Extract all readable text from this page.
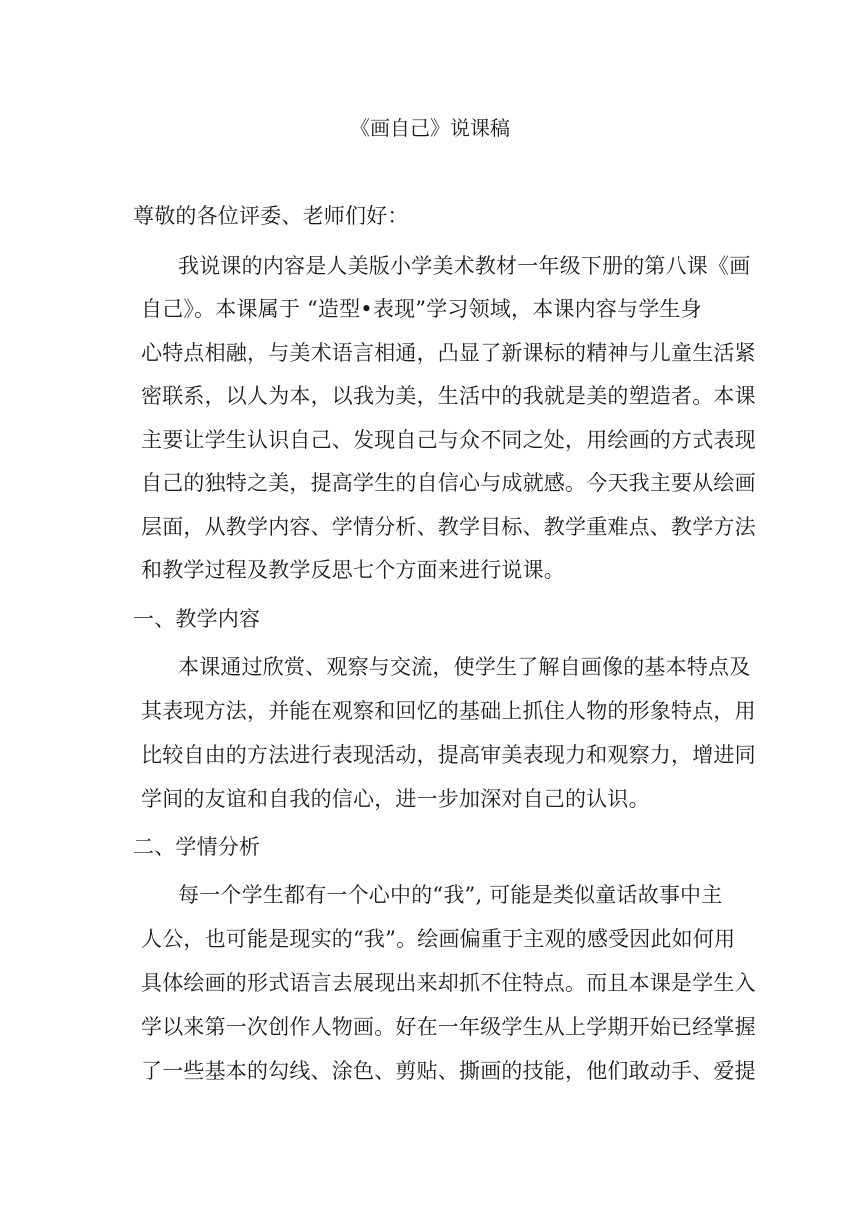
《画自己》说课稿
尊敬的各位评委、老师们好：
我说课的内容是人美版小学美术教材一年级下册的第八课《画
自己》。本课属于 “造型•表现”学习领域，本课内容与学生身
心特点相融，与美术语言相通，凸显了新课标的精神与儿童生活紧
密联系，以人为本，以我为美，生活中的我就是美的塑造者。本课
主要让学生认识自己、发现自己与众不同之处，用绘画的方式表现
自己的独特之美，提高学生的自信心与成就感。今天我主要从绘画
层面，从教学内容、学情分析、教学目标、教学重难点、教学方法
和教学过程及教学反思七个方面来进行说课。
一、教学内容
本课通过欣赏、观察与交流，使学生了解自画像的基本特点及
其表现方法，并能在观察和回忆的基础上抓住人物的形象特点，用
比较自由的方法进行表现活动，提高审美表现力和观察力，增进同
学间的友谊和自我的信心，进一步加深对自己的认识。
二、学情分析
每一个学生都有一个心中的“我”, 可能是类似童话故事中主
人公，也可能是现实的“我”。绘画偏重于主观的感受因此如何用
具体绘画的形式语言去展现出来却抓不住特点。而且本课是学生入
学以来第一次创作人物画。好在一年级学生从上学期开始已经掌握
了一些基本的勾线、涂色、剪贴、撕画的技能，他们敢动手、爱提
